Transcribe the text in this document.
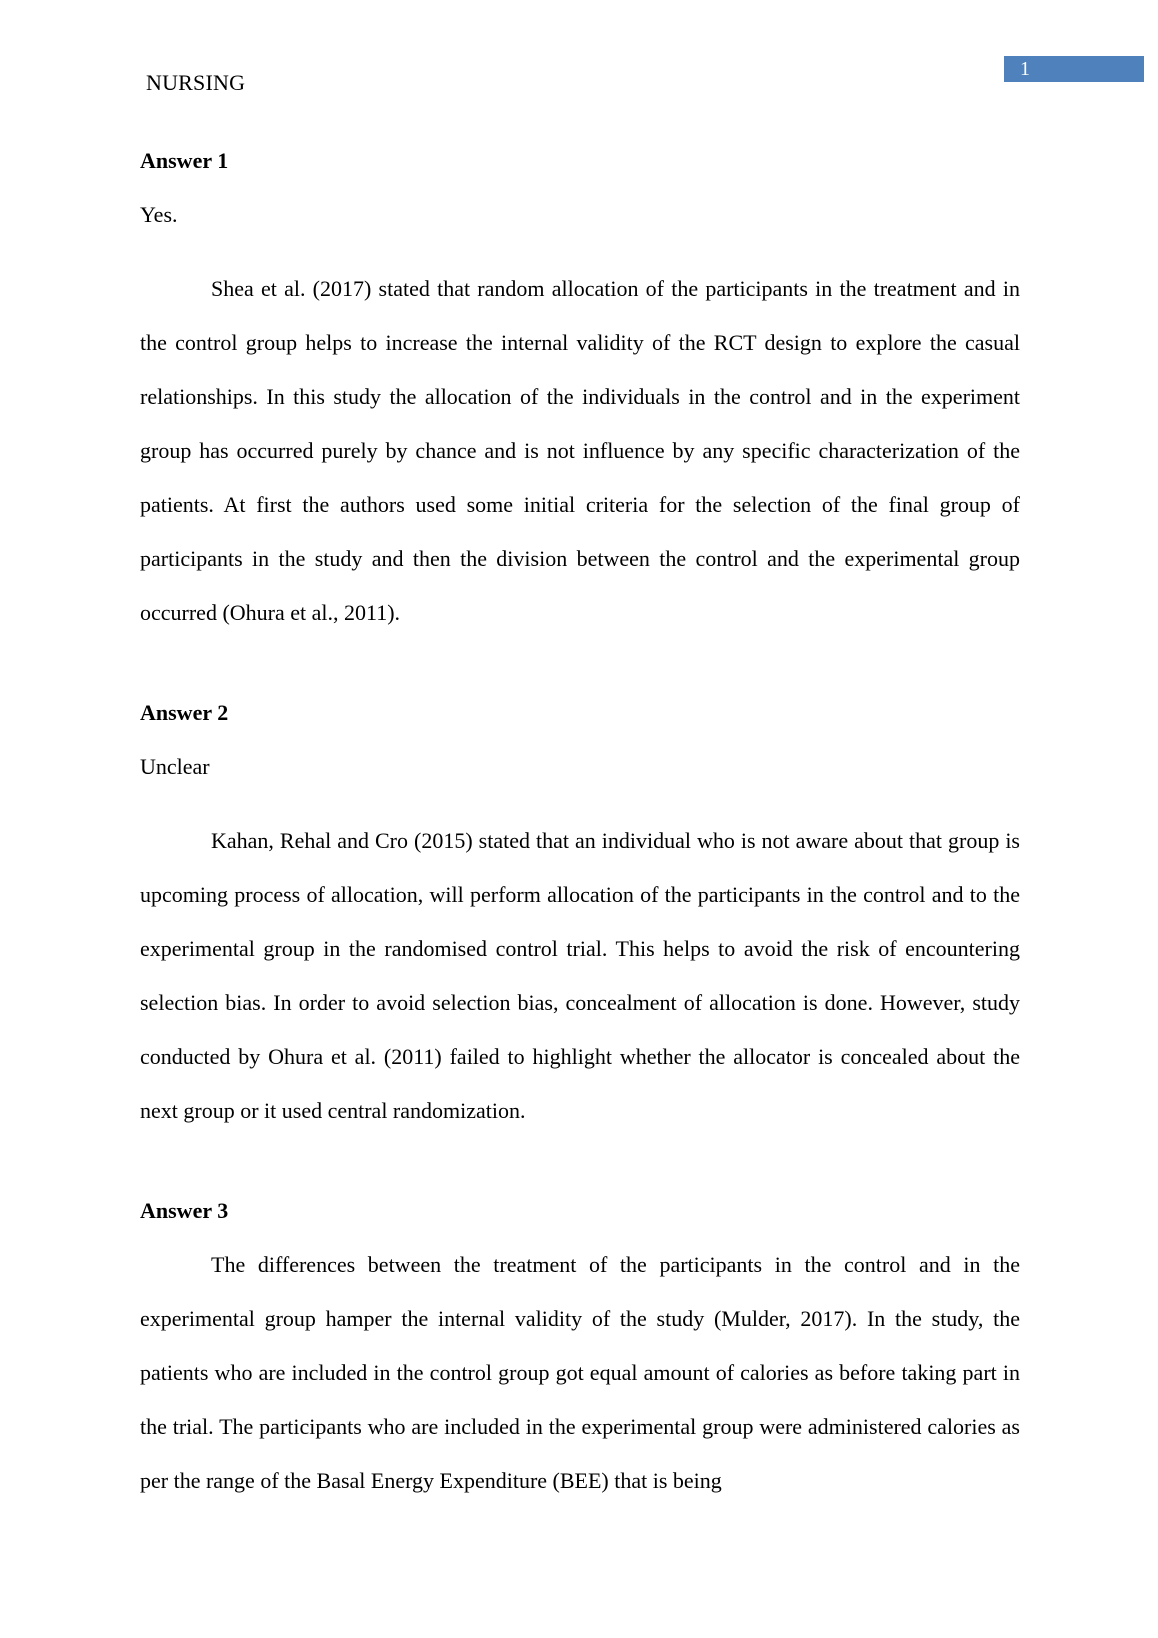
1
NURSING

Answer 1

Yes.

Shea et al. (2017) stated that random allocation of the participants in the treatment and in the control group helps to increase the internal validity of the RCT design to explore the casual relationships. In this study the allocation of the individuals in the control and in the experiment group has occurred purely by chance and is not influence by any specific characterization of the patients. At first the authors used some initial criteria for the selection of the final group of participants in the study and then the division between the control and the experimental group occurred (Ohura et al., 2011).

Answer 2

Unclear

Kahan, Rehal and Cro (2015) stated that an individual who is not aware about that group is upcoming process of allocation, will perform allocation of the participants in the control and to the experimental group in the randomised control trial. This helps to avoid the risk of encountering selection bias. In order to avoid selection bias, concealment of allocation is done. However, study conducted by Ohura et al. (2011) failed to highlight whether the allocator is concealed about the next group or it used central randomization.

Answer 3

The differences between the treatment of the participants in the control and in the experimental group hamper the internal validity of the study (Mulder, 2017). In the study, the patients who are included in the control group got equal amount of calories as before taking part in the trial. The participants who are included in the experimental group were administered calories as per the range of the Basal Energy Expenditure (BEE) that is being
